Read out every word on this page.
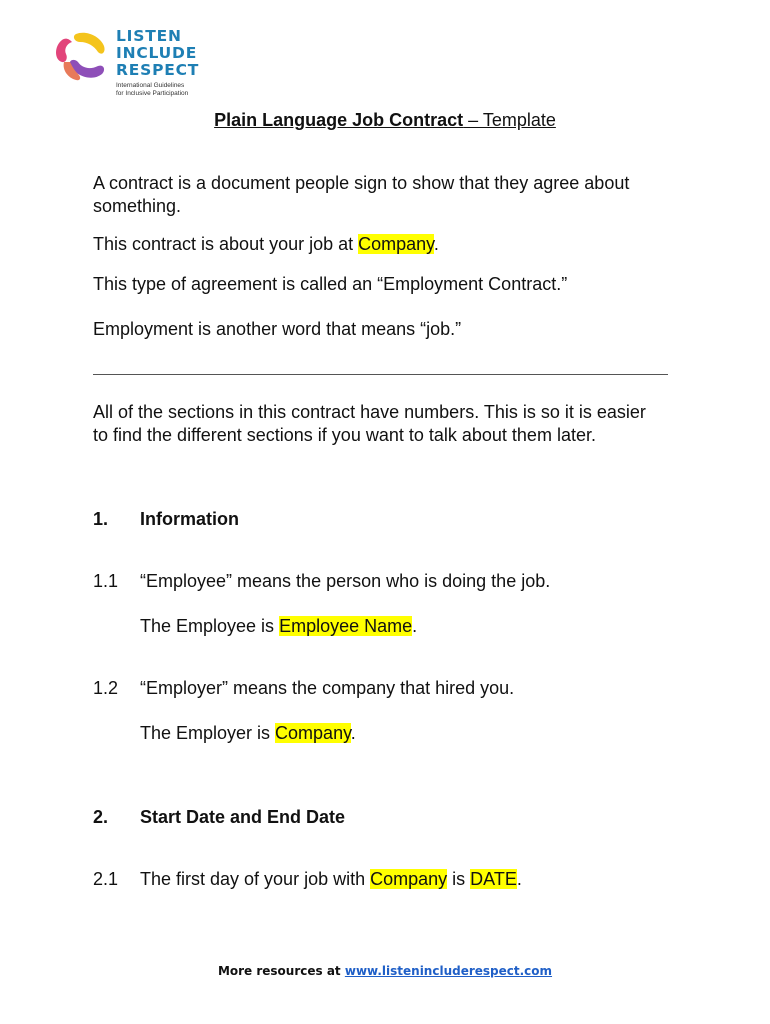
LISTEN
INCLUDE
RESPECT
International Guidelines
for Inclusive Participation
Plain Language Job Contract – Template

A contract is a document people sign to show that they agree about something.

This contract is about your job at Company.

This type of agreement is called an “Employment Contract.”

Employment is another word that means “job.”

All of the sections in this contract have numbers. This is so it is easier to find the different sections if you want to talk about them later.

1. Information
1.1 “Employee” means the person who is doing the job.
The Employee is Employee Name.
1.2 “Employer” means the company that hired you.
The Employer is Company.
2. Start Date and End Date
2.1 The first day of your job with Company is DATE.
More resources at www.listenincluderespect.com
